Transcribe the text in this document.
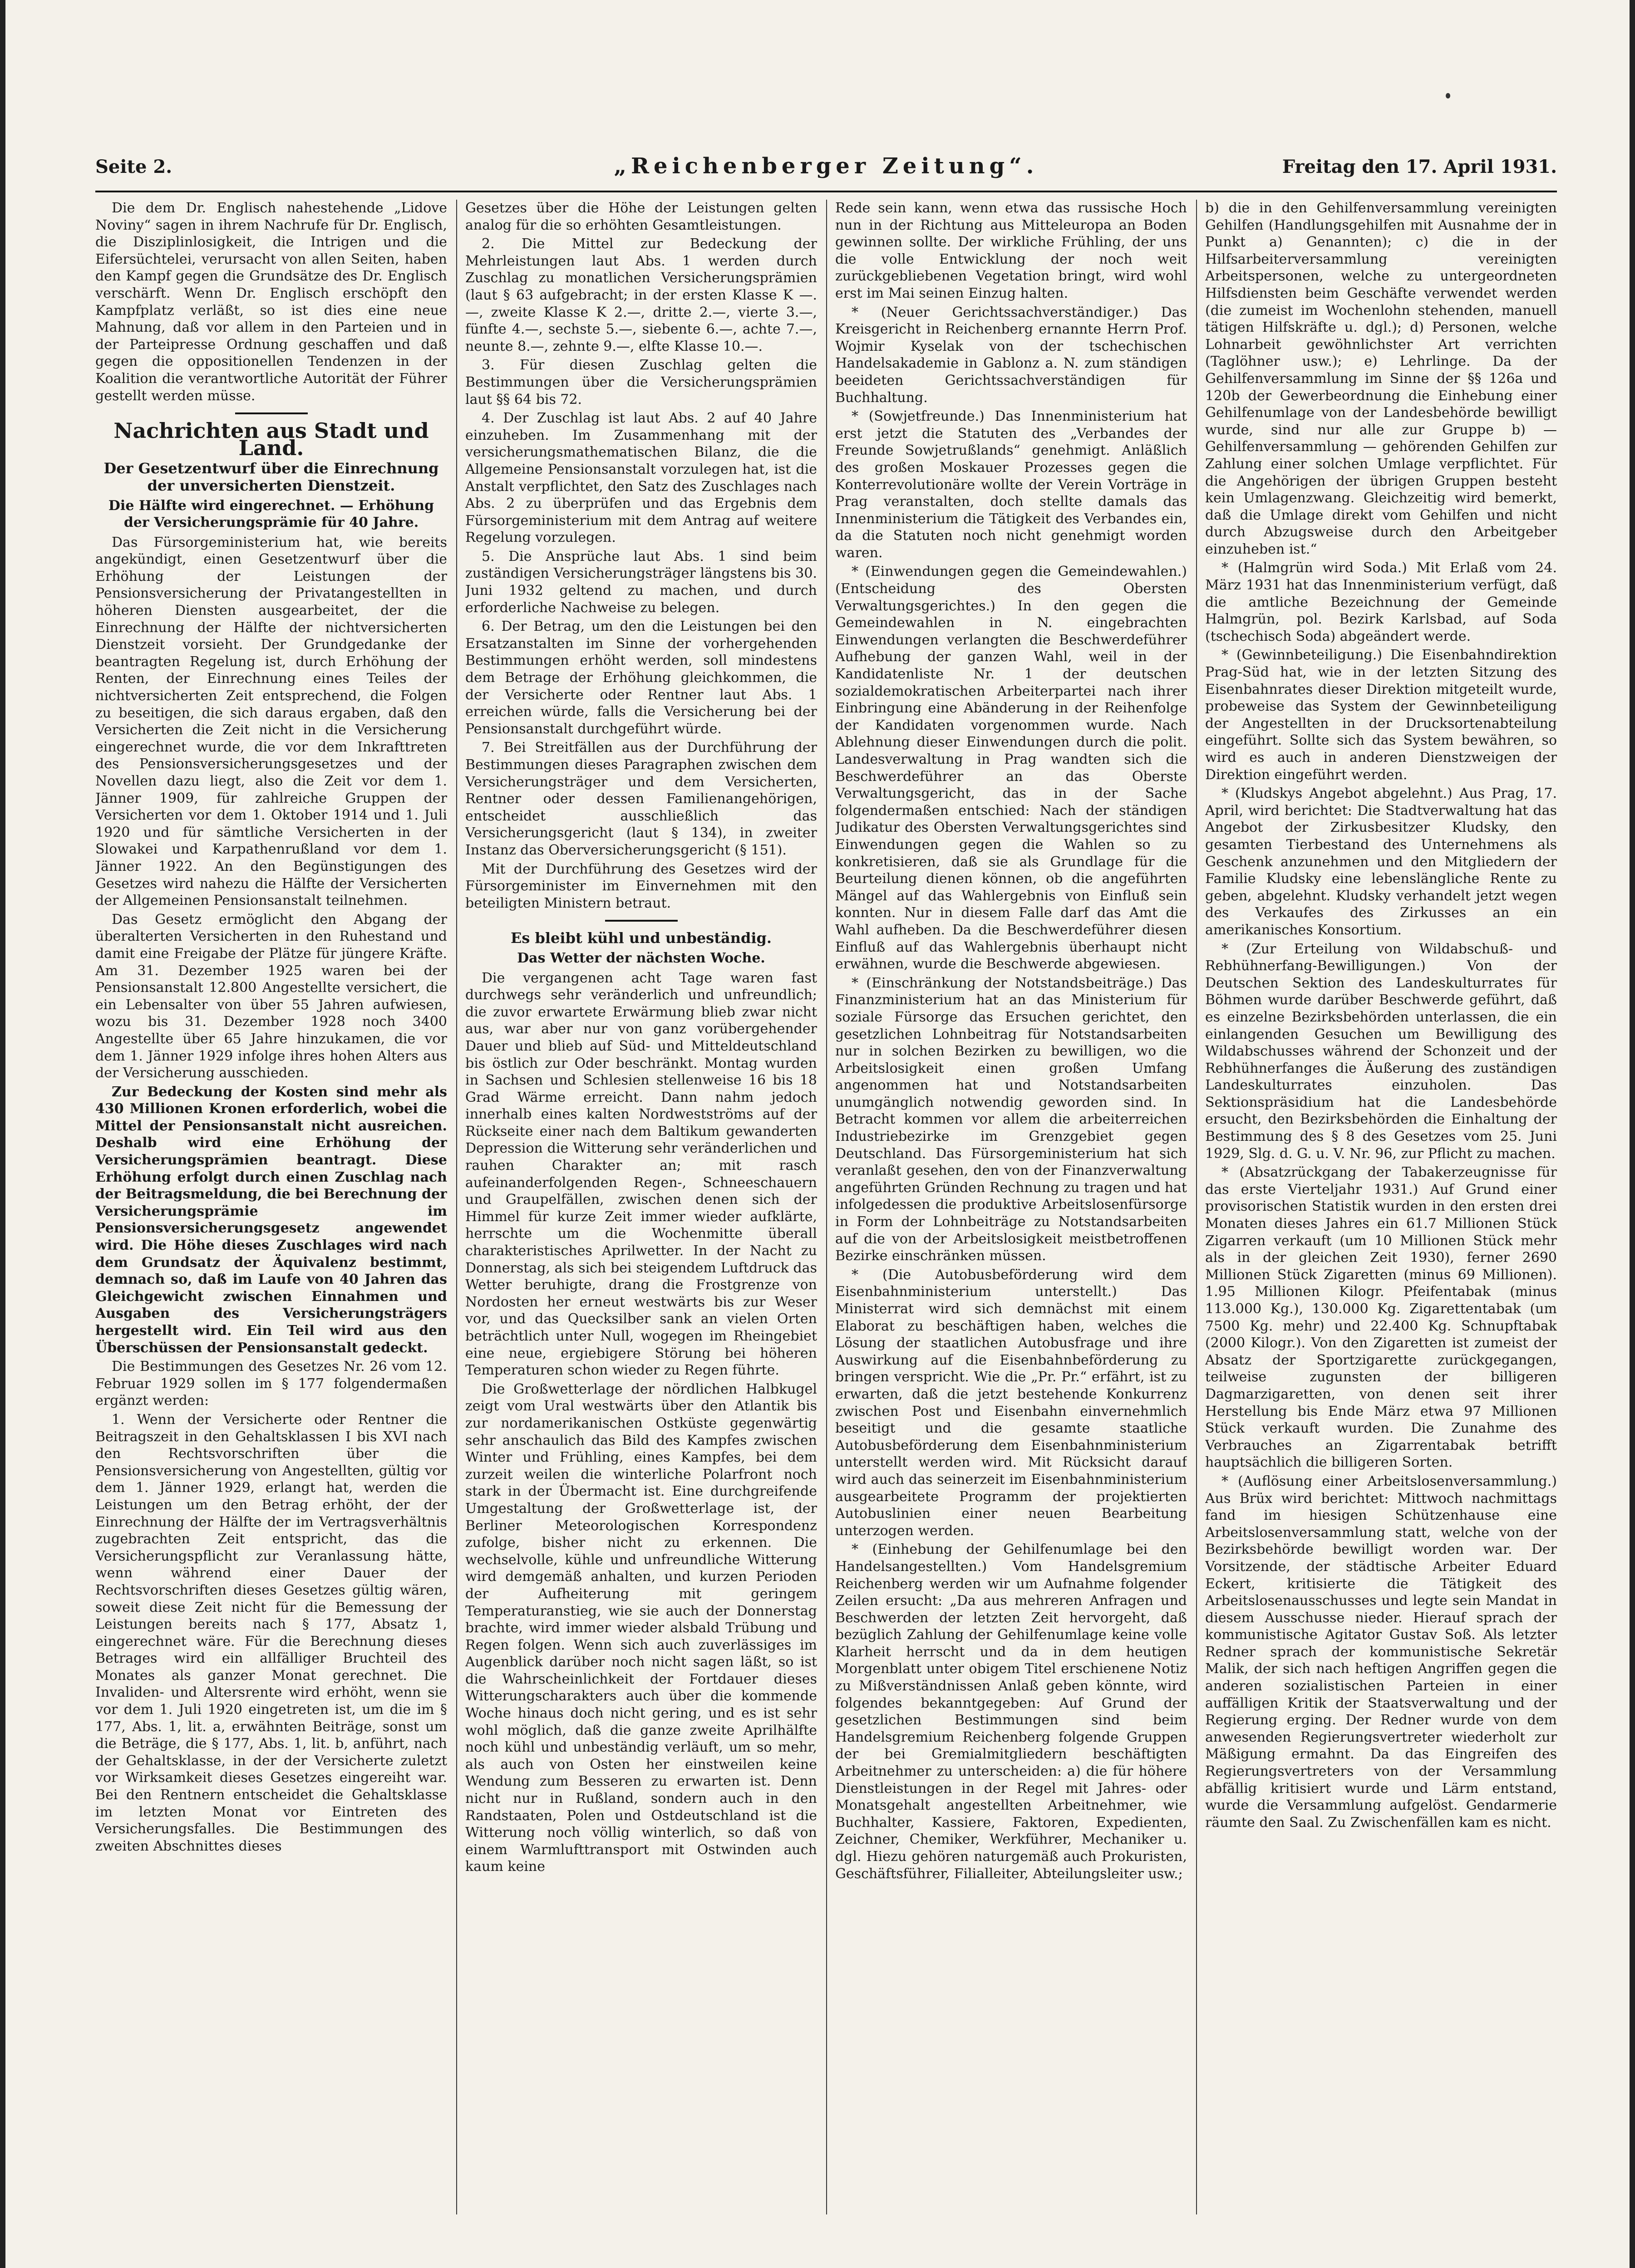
Seite 2.	„Reichenberger Zeitung“.	Freitag den 17. April 1931.

Die dem Dr. Englisch nahestehende „Lidove Noviny“ sagen in ihrem Nachrufe für Dr. Englisch, die Disziplinlosigkeit, die Intrigen und die Eifersüchtelei, verursacht von allen Seiten, haben den Kampf gegen die Grundsätze des Dr. Englisch verschärft. Wenn Dr. Englisch erschöpft den Kampfplatz verläßt, so ist dies eine neue Mahnung, daß vor allem in den Parteien und in der Parteipresse Ordnung geschaffen und daß gegen die oppositionellen Tendenzen in der Koalition die verantwortliche Autorität der Führer gestellt werden müsse.

Nachrichten aus Stadt und Land.
Der Gesetzentwurf über die Einrechnung der unversicherten Dienstzeit.
Die Hälfte wird eingerechnet. — Erhöhung der Versicherungsprämie für 40 Jahre.

Das Fürsorgeministerium hat, wie bereits angekündigt, einen Gesetzentwurf über die Erhöhung der Leistungen der Pensionsversicherung der Privatangestellten in höheren Diensten ausgearbeitet, der die Einrechnung der Hälfte der nichtversicherten Dienstzeit vorsieht. Der Grundgedanke der beantragten Regelung ist, durch Erhöhung der Renten, der Einrechnung eines Teiles der nichtversicherten Zeit entsprechend, die Folgen zu beseitigen, die sich daraus ergaben, daß den Versicherten die Zeit nicht in die Versicherung eingerechnet wurde, die vor dem Inkrafttreten des Pensionsversicherungsgesetzes und der Novellen dazu liegt, also die Zeit vor dem 1. Jänner 1909, für zahlreiche Gruppen der Versicherten vor dem 1. Oktober 1914 und 1. Juli 1920 und für sämtliche Versicherten in der Slowakei und Karpathenrußland vor dem 1. Jänner 1922. An den Begünstigungen des Gesetzes wird nahezu die Hälfte der Versicherten der Allgemeinen Pensionsanstalt teilnehmen.

Das Gesetz ermöglicht den Abgang der überalterten Versicherten in den Ruhestand und damit eine Freigabe der Plätze für jüngere Kräfte. Am 31. Dezember 1925 waren bei der Pensionsanstalt 12.800 Angestellte versichert, die ein Lebensalter von über 55 Jahren aufwiesen, wozu bis 31. Dezember 1928 noch 3400 Angestellte über 65 Jahre hinzukamen, die vor dem 1. Jänner 1929 infolge ihres hohen Alters aus der Versicherung ausschieden.

Zur Bedeckung der Kosten sind mehr als 430 Millionen Kronen erforderlich, wobei die Mittel der Pensionsanstalt nicht ausreichen. Deshalb wird eine Erhöhung der Versicherungsprämien beantragt. Diese Erhöhung erfolgt durch einen Zuschlag nach der Beitragsmeldung, die bei Berechnung der Versicherungsprämie im Pensionsversicherungsgesetz angewendet wird. Die Höhe dieses Zuschlages wird nach dem Grundsatz der Äquivalenz bestimmt, demnach so, daß im Laufe von 40 Jahren das Gleichgewicht zwischen Einnahmen und Ausgaben des Versicherungsträgers hergestellt wird. Ein Teil wird aus den Überschüssen der Pensionsanstalt gedeckt.

Die Bestimmungen des Gesetzes Nr. 26 vom 12. Februar 1929 sollen im § 177 folgendermaßen ergänzt werden:

1. Wenn der Versicherte oder Rentner die Beitragszeit in den Gehaltsklassen I bis XVI nach den Rechtsvorschriften über die Pensionsversicherung von Angestellten, gültig vor dem 1. Jänner 1929, erlangt hat, werden die Leistungen um den Betrag erhöht, der der Einrechnung der Hälfte der im Vertragsverhältnis zugebrachten Zeit entspricht, das die Versicherungspflicht zur Veranlassung hätte, wenn während einer Dauer der Rechtsvorschriften dieses Gesetzes gültig wären, soweit diese Zeit nicht für die Bemessung der Leistungen bereits nach § 177, Absatz 1, eingerechnet wäre. Für die Berechnung dieses Betrages wird ein allfälliger Bruchteil des Monates als ganzer Monat gerechnet. Die Invaliden- und Altersrente wird erhöht, wenn sie vor dem 1. Juli 1920 eingetreten ist, um die im § 177, Abs. 1, lit. a, erwähnten Beiträge, sonst um die Beträge, die § 177, Abs. 1, lit. b, anführt, nach der Gehaltsklasse, in der der Versicherte zuletzt vor Wirksamkeit dieses Gesetzes eingereiht war. Bei den Rentnern entscheidet die Gehaltsklasse im letzten Monat vor Eintreten des Versicherungsfalles. Die Bestimmungen des zweiten Abschnittes dieses

Gesetzes über die Höhe der Leistungen gelten analog für die so erhöhten Gesamtleistungen.

2. Die Mittel zur Bedeckung der Mehrleistungen laut Abs. 1 werden durch Zuschlag zu monatlichen Versicherungsprämien (laut § 63 aufgebracht; in der ersten Klasse K —.—, zweite Klasse K 2.—, dritte 2.—, vierte 3.—, fünfte 4.—, sechste 5.—, siebente 6.—, achte 7.—, neunte 8.—, zehnte 9.—, elfte Klasse 10.—.

3. Für diesen Zuschlag gelten die Bestimmungen über die Versicherungsprämien laut §§ 64 bis 72.

4. Der Zuschlag ist laut Abs. 2 auf 40 Jahre einzuheben. Im Zusammenhang mit der versicherungsmathematischen Bilanz, die die Allgemeine Pensionsanstalt vorzulegen hat, ist die Anstalt verpflichtet, den Satz des Zuschlages nach Abs. 2 zu überprüfen und das Ergebnis dem Fürsorgeministerium mit dem Antrag auf weitere Regelung vorzulegen.

5. Die Ansprüche laut Abs. 1 sind beim zuständigen Versicherungsträger längstens bis 30. Juni 1932 geltend zu machen, und durch erforderliche Nachweise zu belegen.

6. Der Betrag, um den die Leistungen bei den Ersatzanstalten im Sinne der vorhergehenden Bestimmungen erhöht werden, soll mindestens dem Betrage der Erhöhung gleichkommen, die der Versicherte oder Rentner laut Abs. 1 erreichen würde, falls die Versicherung bei der Pensionsanstalt durchgeführt würde.

7. Bei Streitfällen aus der Durchführung der Bestimmungen dieses Paragraphen zwischen dem Versicherungsträger und dem Versicherten, Rentner oder dessen Familienangehörigen, entscheidet ausschließlich das Versicherungsgericht (laut § 134), in zweiter Instanz das Oberversicherungsgericht (§ 151).

Mit der Durchführung des Gesetzes wird der Fürsorgeminister im Einvernehmen mit den beteiligten Ministern betraut.

Es bleibt kühl und unbeständig.
Das Wetter der nächsten Woche.

Die vergangenen acht Tage waren fast durchwegs sehr veränderlich und unfreundlich; die zuvor erwartete Erwärmung blieb zwar nicht aus, war aber nur von ganz vorübergehender Dauer und blieb auf Süd- und Mitteldeutschland bis östlich zur Oder beschränkt. Montag wurden in Sachsen und Schlesien stellenweise 16 bis 18 Grad Wärme erreicht. Dann nahm jedoch innerhalb eines kalten Nordwestströms auf der Rückseite einer nach dem Baltikum gewanderten Depression die Witterung sehr veränderlichen und rauhen Charakter an; mit rasch aufeinanderfolgenden Regen-, Schneeschauern und Graupelfällen, zwischen denen sich der Himmel für kurze Zeit immer wieder aufklärte, herrschte um die Wochenmitte überall charakteristisches Aprilwetter. In der Nacht zu Donnerstag, als sich bei steigendem Luftdruck das Wetter beruhigte, drang die Frostgrenze von Nordosten her erneut westwärts bis zur Weser vor, und das Quecksilber sank an vielen Orten beträchtlich unter Null, wogegen im Rheingebiet eine neue, ergiebigere Störung bei höheren Temperaturen schon wieder zu Regen führte.

Die Großwetterlage der nördlichen Halbkugel zeigt vom Ural westwärts über den Atlantik bis zur nordamerikanischen Ostküste gegenwärtig sehr anschaulich das Bild des Kampfes zwischen Winter und Frühling, eines Kampfes, bei dem zurzeit weilen die winterliche Polarfront noch stark in der Übermacht ist. Eine durchgreifende Umgestaltung der Großwetterlage ist, der Berliner Meteorologischen Korrespondenz zufolge, bisher nicht zu erkennen. Die wechselvolle, kühle und unfreundliche Witterung wird demgemäß anhalten, und kurzen Perioden der Aufheiterung mit geringem Temperaturanstieg, wie sie auch der Donnerstag brachte, wird immer wieder alsbald Trübung und Regen folgen. Wenn sich auch zuverlässiges im Augenblick darüber noch nicht sagen läßt, so ist die Wahrscheinlichkeit der Fortdauer dieses Witterungscharakters auch über die kommende Woche hinaus doch nicht gering, und es ist sehr wohl möglich, daß die ganze zweite Aprilhälfte noch kühl und unbeständig verläuft, um so mehr, als auch von Osten her einstweilen keine Wendung zum Besseren zu erwarten ist. Denn nicht nur in Rußland, sondern auch in den Randstaaten, Polen und Ostdeutschland ist die Witterung noch völlig winterlich, so daß von einem Warmlufttransport mit Ostwinden auch kaum keine

Rede sein kann, wenn etwa das russische Hoch nun in der Richtung aus Mitteleuropa an Boden gewinnen sollte. Der wirkliche Frühling, der uns die volle Entwicklung der noch weit zurückgebliebenen Vegetation bringt, wird wohl erst im Mai seinen Einzug halten.

* (Neuer Gerichtssachverständiger.) Das Kreisgericht in Reichenberg ernannte Herrn Prof. Wojmir Kyselak von der tschechischen Handelsakademie in Gablonz a. N. zum ständigen beeideten Gerichtssachverständigen für Buchhaltung.

* (Sowjetfreunde.) Das Innenministerium hat erst jetzt die Statuten des „Verbandes der Freunde Sowjetrußlands“ genehmigt. Anläßlich des großen Moskauer Prozesses gegen die Konterrevolutionäre wollte der Verein Vorträge in Prag veranstalten, doch stellte damals das Innenministerium die Tätigkeit des Verbandes ein, da die Statuten noch nicht genehmigt worden waren.

* (Einwendungen gegen die Gemeindewahlen.) (Entscheidung des Obersten Verwaltungsgerichtes.) In den gegen die Gemeindewahlen in N. eingebrachten Einwendungen verlangten die Beschwerdeführer Aufhebung der ganzen Wahl, weil in der Kandidatenliste Nr. 1 der deutschen sozialdemokratischen Arbeiterpartei nach ihrer Einbringung eine Abänderung in der Reihenfolge der Kandidaten vorgenommen wurde. Nach Ablehnung dieser Einwendungen durch die polit. Landesverwaltung in Prag wandten sich die Beschwerdeführer an das Oberste Verwaltungsgericht, das in der Sache folgendermaßen entschied: Nach der ständigen Judikatur des Obersten Verwaltungsgerichtes sind Einwendungen gegen die Wahlen so zu konkretisieren, daß sie als Grundlage für die Beurteilung dienen können, ob die angeführten Mängel auf das Wahlergebnis von Einfluß sein konnten. Nur in diesem Falle darf das Amt die Wahl aufheben. Da die Beschwerdeführer diesen Einfluß auf das Wahlergebnis überhaupt nicht erwähnen, wurde die Beschwerde abgewiesen.

* (Einschränkung der Notstandsbeiträge.) Das Finanzministerium hat an das Ministerium für soziale Fürsorge das Ersuchen gerichtet, den gesetzlichen Lohnbeitrag für Notstandsarbeiten nur in solchen Bezirken zu bewilligen, wo die Arbeitslosigkeit einen großen Umfang angenommen hat und Notstandsarbeiten unumgänglich notwendig geworden sind. In Betracht kommen vor allem die arbeiterreichen Industriebezirke im Grenzgebiet gegen Deutschland. Das Fürsorgeministerium hat sich veranlaßt gesehen, den von der Finanzverwaltung angeführten Gründen Rechnung zu tragen und hat infolgedessen die produktive Arbeitslosenfürsorge in Form der Lohnbeiträge zu Notstandsarbeiten auf die von der Arbeitslosigkeit meistbetroffenen Bezirke einschränken müssen.

* (Die Autobusbeförderung wird dem Eisenbahnministerium unterstellt.) Das Ministerrat wird sich demnächst mit einem Elaborat zu beschäftigen haben, welches die Lösung der staatlichen Autobusfrage und ihre Auswirkung auf die Eisenbahnbeförderung zu bringen verspricht. Wie die „Pr. Pr.“ erfährt, ist zu erwarten, daß die jetzt bestehende Konkurrenz zwischen Post und Eisenbahn einvernehmlich beseitigt und die gesamte staatliche Autobusbeförderung dem Eisenbahnministerium unterstellt werden wird. Mit Rücksicht darauf wird auch das seinerzeit im Eisenbahnministerium ausgearbeitete Programm der projektierten Autobuslinien einer neuen Bearbeitung unterzogen werden.

* (Einhebung der Gehilfenumlage bei den Handelsangestellten.) Vom Handelsgremium Reichenberg werden wir um Aufnahme folgender Zeilen ersucht: „Da aus mehreren Anfragen und Beschwerden der letzten Zeit hervorgeht, daß bezüglich Zahlung der Gehilfenumlage keine volle Klarheit herrscht und da in dem heutigen Morgenblatt unter obigem Titel erschienene Notiz zu Mißverständnissen Anlaß geben könnte, wird folgendes bekanntgegeben: Auf Grund der gesetzlichen Bestimmungen sind beim Handelsgremium Reichenberg folgende Gruppen der bei Gremialmitgliedern beschäftigten Arbeitnehmer zu unterscheiden: a) die für höhere Dienstleistungen in der Regel mit Jahres- oder Monatsgehalt angestellten Arbeitnehmer, wie Buchhalter, Kassiere, Faktoren, Expedienten, Zeichner, Chemiker, Werkführer, Mechaniker u. dgl. Hiezu gehören naturgemäß auch Prokuristen, Geschäftsführer, Filialleiter, Abteilungsleiter usw.;

b) die in den Gehilfenversammlung vereinigten Gehilfen (Handlungsgehilfen mit Ausnahme der in Punkt a) Genannten); c) die in der Hilfsarbeiterversammlung vereinigten Arbeitspersonen, welche zu untergeordneten Hilfsdiensten beim Geschäfte verwendet werden (die zumeist im Wochenlohn stehenden, manuell tätigen Hilfskräfte u. dgl.); d) Personen, welche Lohnarbeit gewöhnlichster Art verrichten (Taglöhner usw.); e) Lehrlinge. Da der Gehilfenversammlung im Sinne der §§ 126a und 120b der Gewerbeordnung die Einhebung einer Gehilfenumlage von der Landesbehörde bewilligt wurde, sind nur alle zur Gruppe b) — Gehilfenversammlung — gehörenden Gehilfen zur Zahlung einer solchen Umlage verpflichtet. Für die Angehörigen der übrigen Gruppen besteht kein Umlagenzwang. Gleichzeitig wird bemerkt, daß die Umlage direkt vom Gehilfen und nicht durch Abzugsweise durch den Arbeitgeber einzuheben ist.“

* (Halmgrün wird Soda.) Mit Erlaß vom 24. März 1931 hat das Innenministerium verfügt, daß die amtliche Bezeichnung der Gemeinde Halmgrün, pol. Bezirk Karlsbad, auf Soda (tschechisch Soda) abgeändert werde.

* (Gewinnbeteiligung.) Die Eisenbahndirektion Prag-Süd hat, wie in der letzten Sitzung des Eisenbahnrates dieser Direktion mitgeteilt wurde, probeweise das System der Gewinnbeteiligung der Angestellten in der Drucksortenabteilung eingeführt. Sollte sich das System bewähren, so wird es auch in anderen Dienstzweigen der Direktion eingeführt werden.

* (Kludskys Angebot abgelehnt.) Aus Prag, 17. April, wird berichtet: Die Stadtverwaltung hat das Angebot der Zirkusbesitzer Kludsky, den gesamten Tierbestand des Unternehmens als Geschenk anzunehmen und den Mitgliedern der Familie Kludsky eine lebenslängliche Rente zu geben, abgelehnt. Kludsky verhandelt jetzt wegen des Verkaufes des Zirkusses an ein amerikanisches Konsortium.

* (Zur Erteilung von Wildabschuß- und Rebhühnerfang-Bewilligungen.) Von der Deutschen Sektion des Landeskulturrates für Böhmen wurde darüber Beschwerde geführt, daß es einzelne Bezirksbehörden unterlassen, die ein einlangenden Gesuchen um Bewilligung des Wildabschusses während der Schonzeit und der Rebhühnerfanges die Äußerung des zuständigen Landeskulturrates einzuholen. Das Sektionspräsidium hat die Landesbehörde ersucht, den Bezirksbehörden die Einhaltung der Bestimmung des § 8 des Gesetzes vom 25. Juni 1929, Slg. d. G. u. V. Nr. 96, zur Pflicht zu machen.

* (Absatzrückgang der Tabakerzeugnisse für das erste Vierteljahr 1931.) Auf Grund einer provisorischen Statistik wurden in den ersten drei Monaten dieses Jahres ein 61.7 Millionen Stück Zigarren verkauft (um 10 Millionen Stück mehr als in der gleichen Zeit 1930), ferner 2690 Millionen Stück Zigaretten (minus 69 Millionen). 1.95 Millionen Kilogr. Pfeifentabak (minus 113.000 Kg.), 130.000 Kg. Zigarettentabak (um 7500 Kg. mehr) und 22.400 Kg. Schnupftabak (2000 Kilogr.). Von den Zigaretten ist zumeist der Absatz der Sportzigarette zurückgegangen, teilweise zugunsten der billigeren Dagmarzigaretten, von denen seit ihrer Herstellung bis Ende März etwa 97 Millionen Stück verkauft wurden. Die Zunahme des Verbrauches an Zigarrentabak betrifft hauptsächlich die billigeren Sorten.

* (Auflösung einer Arbeitslosenversammlung.) Aus Brüx wird berichtet: Mittwoch nachmittags fand im hiesigen Schützenhause eine Arbeitslosenversammlung statt, welche von der Bezirksbehörde bewilligt worden war. Der Vorsitzende, der städtische Arbeiter Eduard Eckert, kritisierte die Tätigkeit des Arbeitslosenausschusses und legte sein Mandat in diesem Ausschusse nieder. Hierauf sprach der kommunistische Agitator Gustav Soß. Als letzter Redner sprach der kommunistische Sekretär Malik, der sich nach heftigen Angriffen gegen die anderen sozialistischen Parteien in einer auffälligen Kritik der Staatsverwaltung und der Regierung erging. Der Redner wurde von dem anwesenden Regierungsvertreter wiederholt zur Mäßigung ermahnt. Da das Eingreifen des Regierungsvertreters von der Versammlung abfällig kritisiert wurde und Lärm entstand, wurde die Versammlung aufgelöst. Gendarmerie räumte den Saal. Zu Zwischenfällen kam es nicht.
